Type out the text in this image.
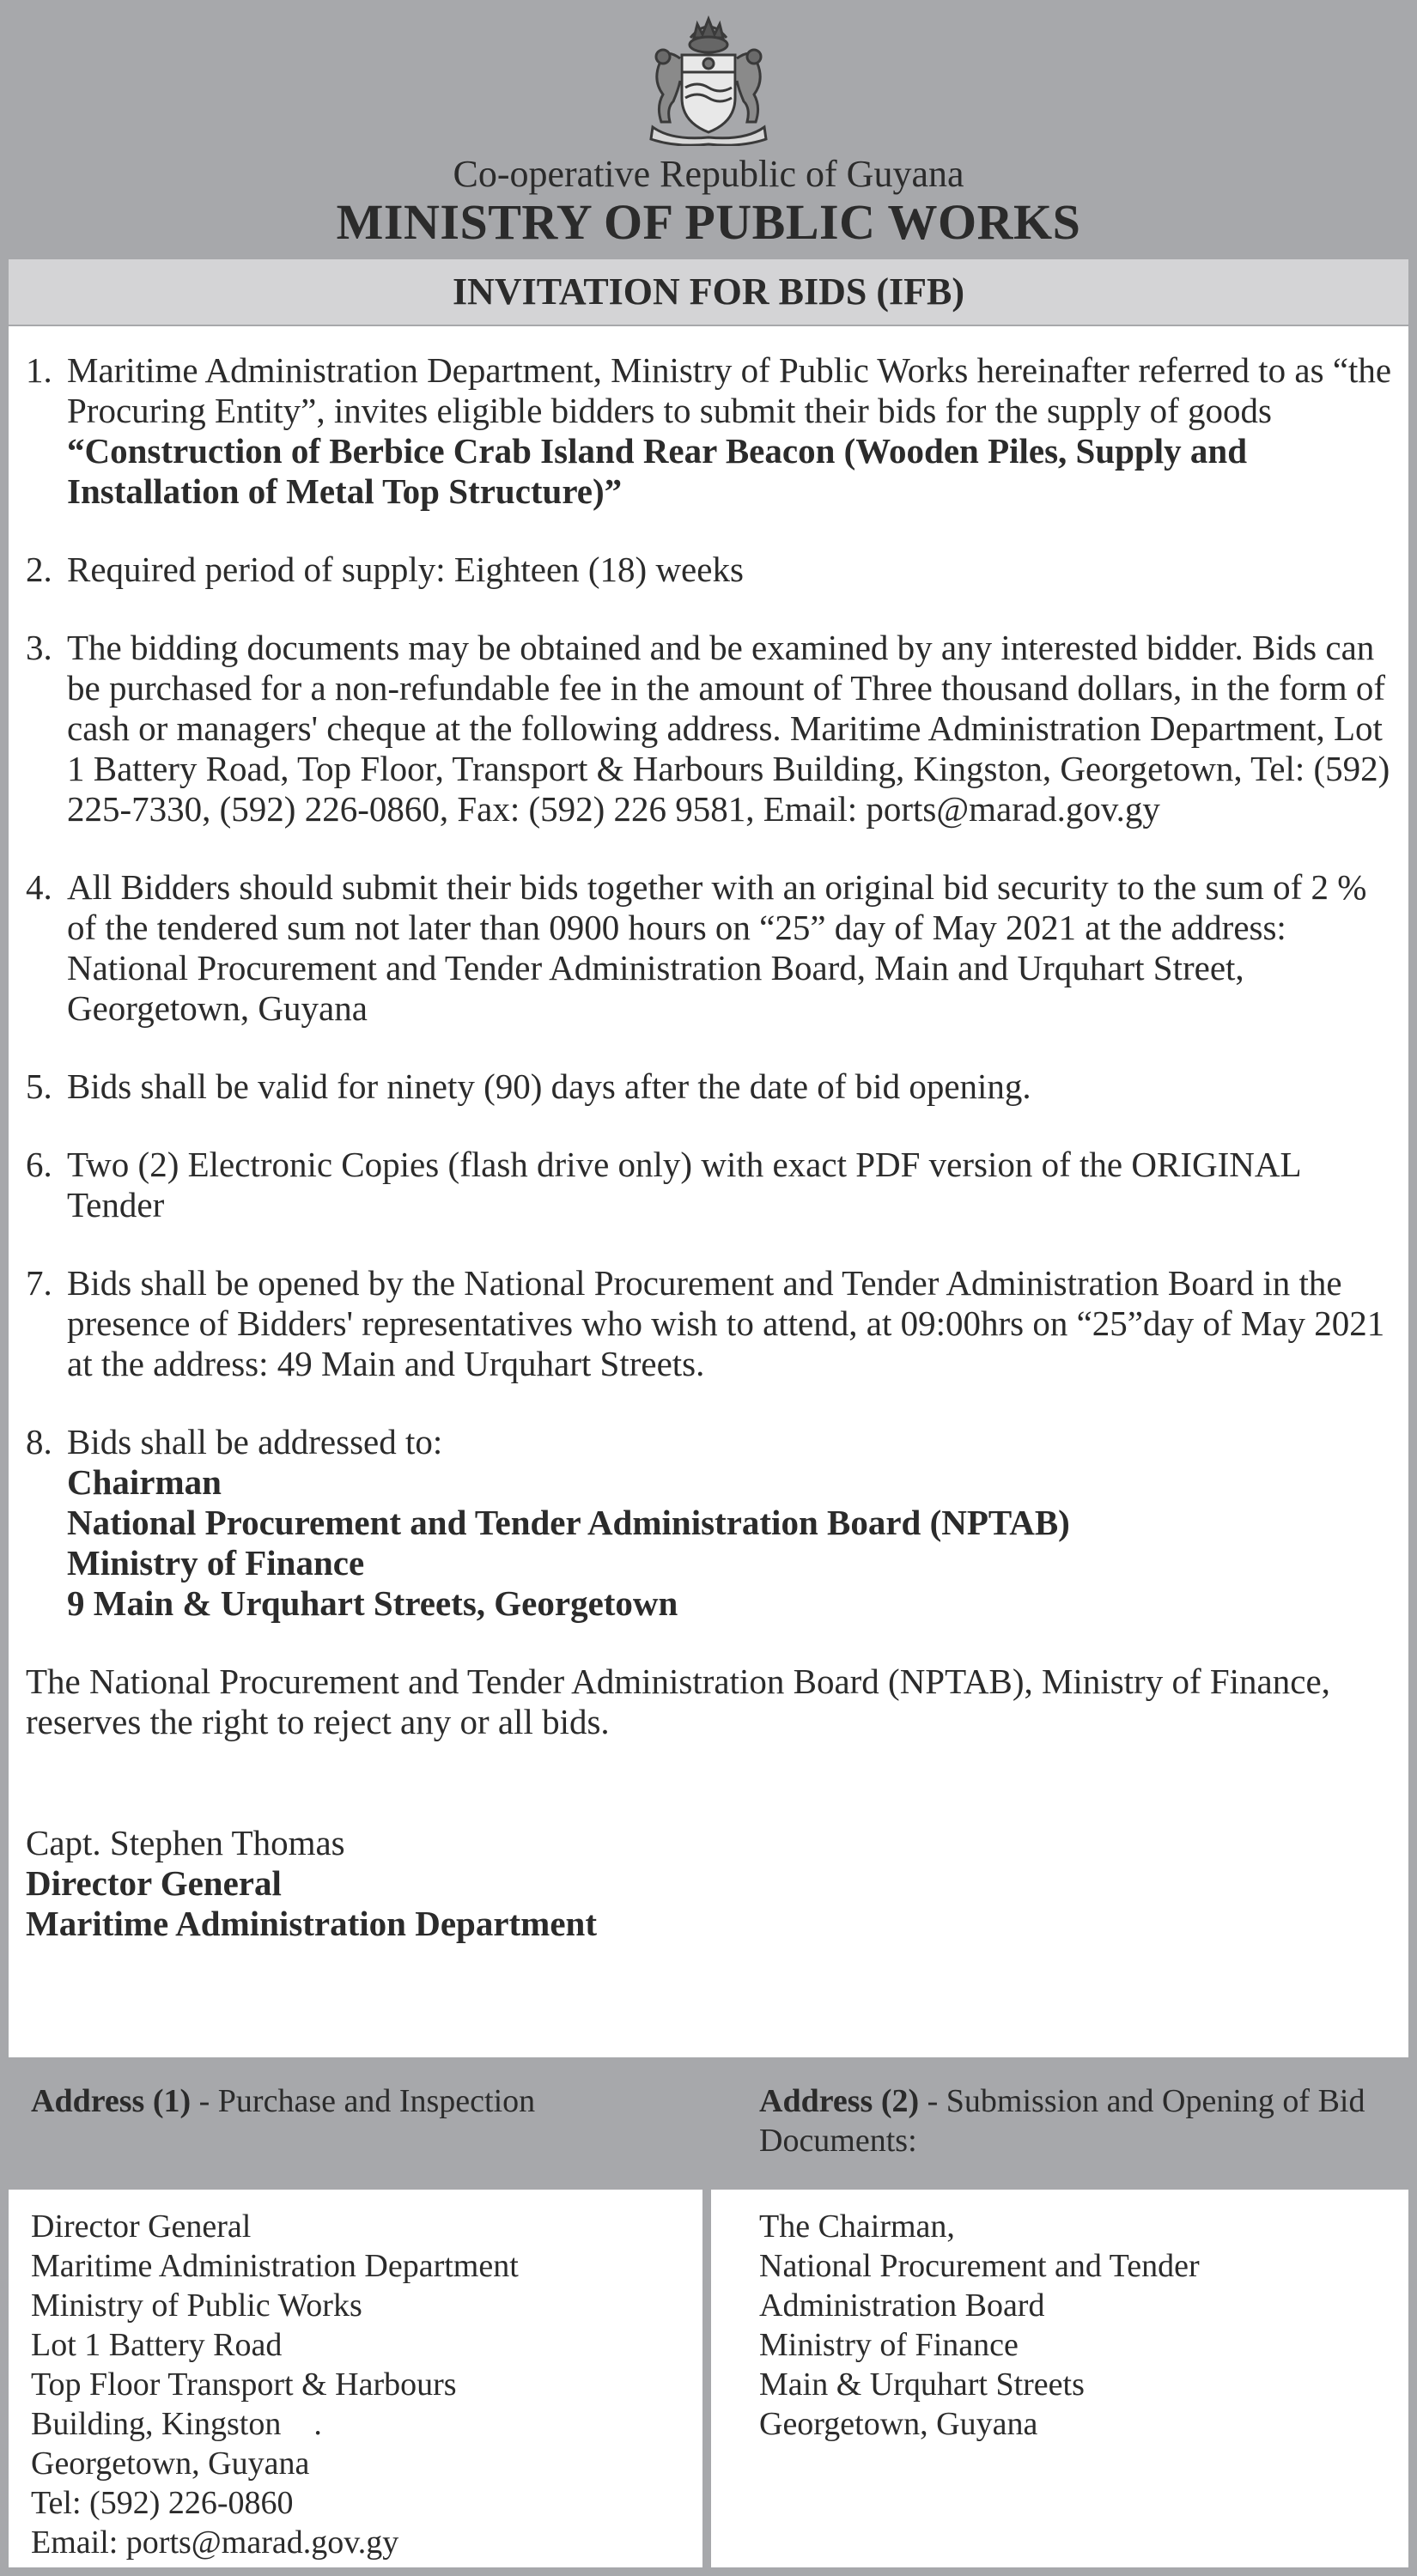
Co-operative Republic of Guyana
MINISTRY OF PUBLIC WORKS
INVITATION FOR BIDS (IFB)
1. Maritime Administration Department, Ministry of Public Works hereinafter referred to as “the Procuring Entity”, invites eligible bidders to submit their bids for the supply of goods “Construction of Berbice Crab Island Rear Beacon (Wooden Piles, Supply and Installation of Metal Top Structure)”
2. Required period of supply: Eighteen (18) weeks
3. The bidding documents may be obtained and be examined by any interested bidder. Bids can be purchased for a non-refundable fee in the amount of Three thousand dollars, in the form of cash or managers' cheque at the following address. Maritime Administration Department, Lot 1 Battery Road, Top Floor, Transport & Harbours Building, Kingston, Georgetown, Tel: (592) 225-7330, (592) 226-0860, Fax: (592) 226 9581, Email: ports@marad.gov.gy
4. All Bidders should submit their bids together with an original bid security to the sum of 2 % of the tendered sum not later than 0900 hours on “25” day of May 2021 at the address: National Procurement and Tender Administration Board, Main and Urquhart Street, Georgetown, Guyana
5. Bids shall be valid for ninety (90) days after the date of bid opening.
6. Two (2) Electronic Copies (flash drive only) with exact PDF version of the ORIGINAL Tender
7. Bids shall be opened by the National Procurement and Tender Administration Board in the presence of Bidders' representatives who wish to attend, at 09:00hrs on “25”day of May 2021 at the address: 49 Main and Urquhart Streets.
8. Bids shall be addressed to:
Chairman
National Procurement and Tender Administration Board (NPTAB)
Ministry of Finance
9 Main & Urquhart Streets, Georgetown
The National Procurement and Tender Administration Board (NPTAB), Ministry of Finance, reserves the right to reject any or all bids.
Capt. Stephen Thomas
Director General
Maritime Administration Department
Address (1) - Purchase and Inspection	Address (2) - Submission and Opening of Bid Documents:
Director General
Maritime Administration Department
Ministry of Public Works
Lot 1 Battery Road
Top Floor Transport & Harbours
Building, Kingston    .
Georgetown, Guyana
Tel: (592) 226-0860
Email: ports@marad.gov.gy
The Chairman,
National Procurement and Tender
Administration Board
Ministry of Finance
Main & Urquhart Streets
Georgetown, Guyana
